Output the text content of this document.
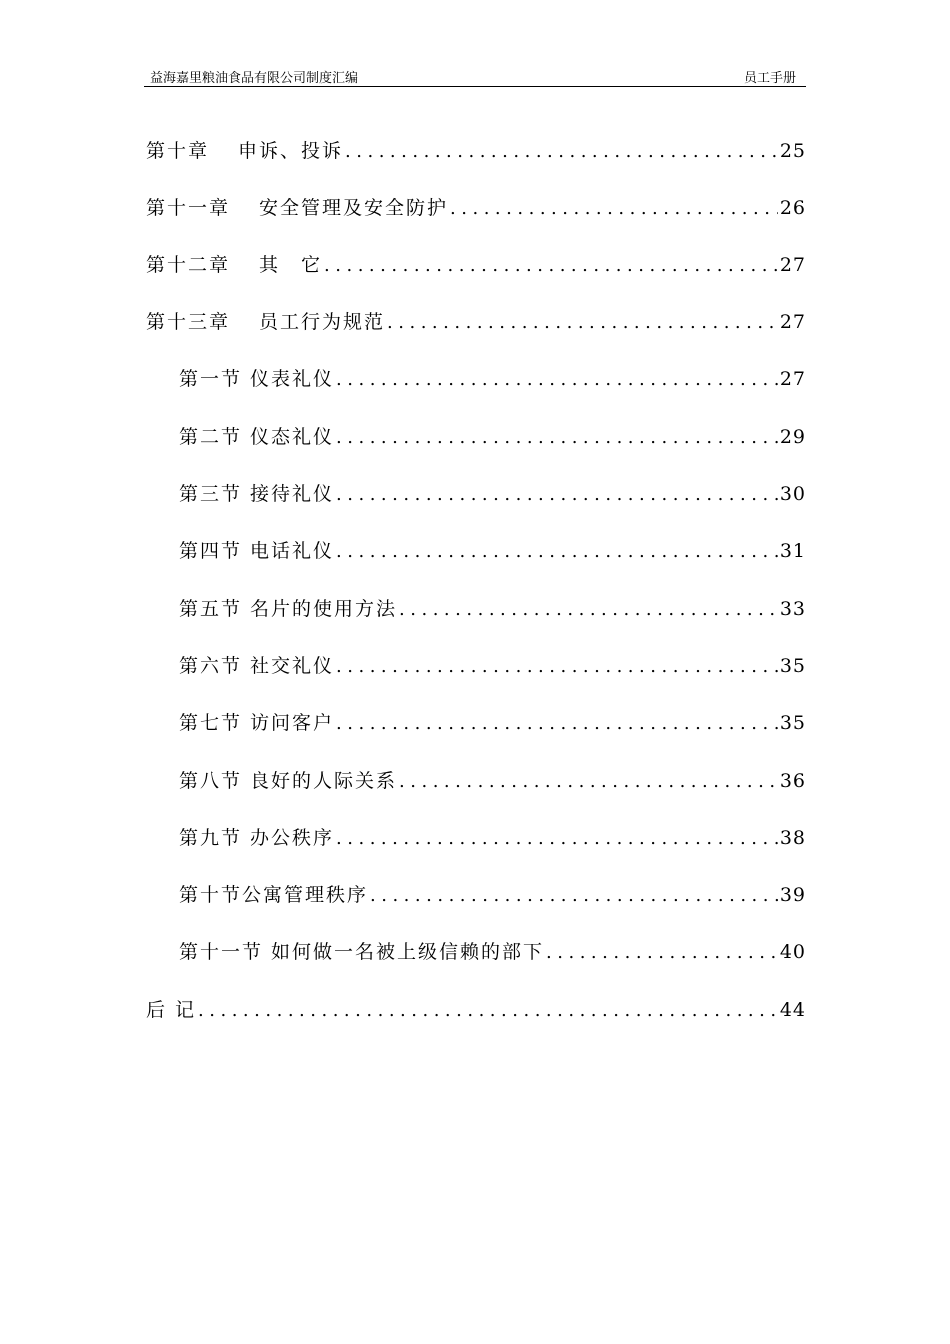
益海嘉里粮油食品有限公司制度汇编	员工手册
第十章　 申诉、投诉 .....	25
第十一章　 安全管理及安全防护 .....	26
第十二章　 其　它 .....	27
第十三章　 员工行为规范 .....	27
第一节 仪表礼仪 .....	27
第二节 仪态礼仪 .....	29
第三节 接待礼仪 .....	30
第四节 电话礼仪 .....	31
第五节 名片的使用方法 .....	33
第六节 社交礼仪 .....	35
第七节 访问客户 .....	35
第八节 良好的人际关系 .....	36
第九节 办公秩序 .....	38
第十节公寓管理秩序 .....	39
第十一节 如何做一名被上级信赖的部下 .....	40
后 记 .....	44
